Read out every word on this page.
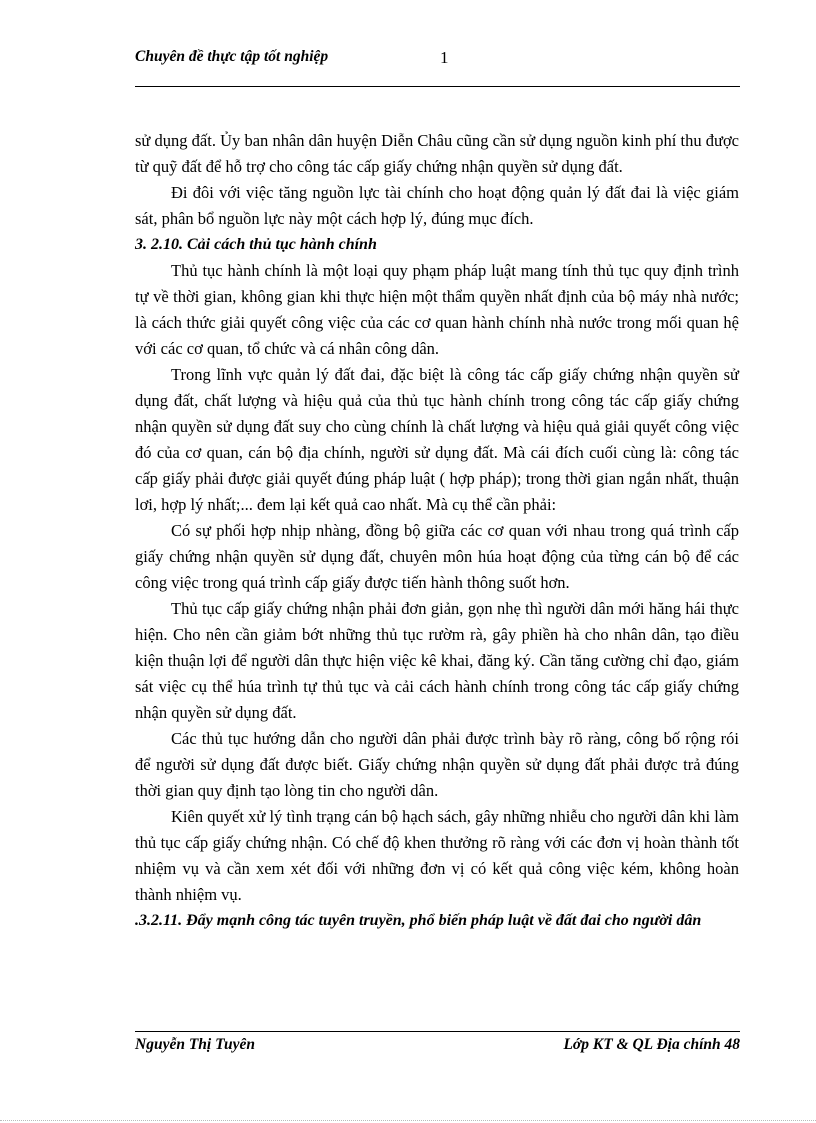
Chuyên đề thực tập tốt nghiệp	1

sử dụng đất. Ủy ban nhân dân huyện Diễn Châu cũng cần sử dụng nguồn kinh phí thu được từ quỹ đất để hỗ trợ cho công tác cấp giấy chứng nhận quyền sử dụng đất.

Đi đôi với việc tăng nguồn lực tài chính cho hoạt động quản lý đất đai là việc giám sát, phân bổ nguồn lực này một cách hợp lý, đúng mục đích.

3. 2.10. Cải cách thủ tục hành chính

Thủ tục hành chính là một loại quy phạm pháp luật mang tính thủ tục quy định trình tự về thời gian, không gian khi thực hiện một thẩm quyền nhất định của bộ máy nhà nước; là cách thức giải quyết công việc của các cơ quan hành chính nhà nước trong mối quan hệ với các cơ quan, tổ chức và cá nhân công dân.

Trong lĩnh vực quản lý đất đai, đặc biệt là công tác cấp giấy chứng nhận quyền sử dụng đất, chất lượng và hiệu quả của thủ tục hành chính trong công tác cấp giấy chứng nhận quyền sử dụng đất suy cho cùng chính là chất lượng và hiệu quả giải quyết công việc đó của cơ quan, cán bộ địa chính, người sử dụng đất. Mà cái đích cuối cùng là: công tác cấp giấy phải được giải quyết đúng pháp luật ( hợp pháp); trong thời gian ngắn nhất, thuận lơi, hợp lý nhất;... đem lại kết quả cao nhất. Mà cụ thể cần phải:

Có sự phối hợp nhịp nhàng, đồng bộ giữa các cơ quan với nhau trong quá trình cấp giấy chứng nhận quyền sử dụng đất, chuyên môn húa hoạt động của từng cán bộ để các công việc trong quá trình cấp giấy được tiến hành thông suốt hơn.

Thủ tục cấp giấy chứng nhận phải đơn giản, gọn nhẹ thì người dân mới hăng hái thực hiện. Cho nên cần giảm bớt những thủ tục rườm rà, gây phiền hà cho nhân dân, tạo điều kiện thuận lợi để người dân thực hiện việc kê khai, đăng ký. Cần tăng cường chỉ đạo, giám sát việc cụ thể húa trình tự thủ tục và cải cách hành chính trong công tác cấp giấy chứng nhận quyền sử dụng đất.

Các thủ tục hướng dẫn cho người dân phải được trình bày rõ ràng, công bố rộng rói để người sử dụng đất được biết. Giấy chứng nhận quyền sử dụng đất phải được trả đúng thời gian quy định tạo lòng tin cho người dân.

Kiên quyết xử lý tình trạng cán bộ hạch sách, gây những nhiễu cho người dân khi làm thủ tục cấp giấy chứng nhận. Có chế độ khen thưởng rõ ràng với các đơn vị hoàn thành tốt nhiệm vụ và cần xem xét đối với những đơn vị có kết quả công việc kém, không hoàn thành nhiệm vụ.

.3.2.11. Đẩy mạnh công tác tuyên truyền, phổ biến pháp luật về đất đai cho người dân
Nguyễn Thị Tuyên	Lớp KT & QL Địa chính 48
